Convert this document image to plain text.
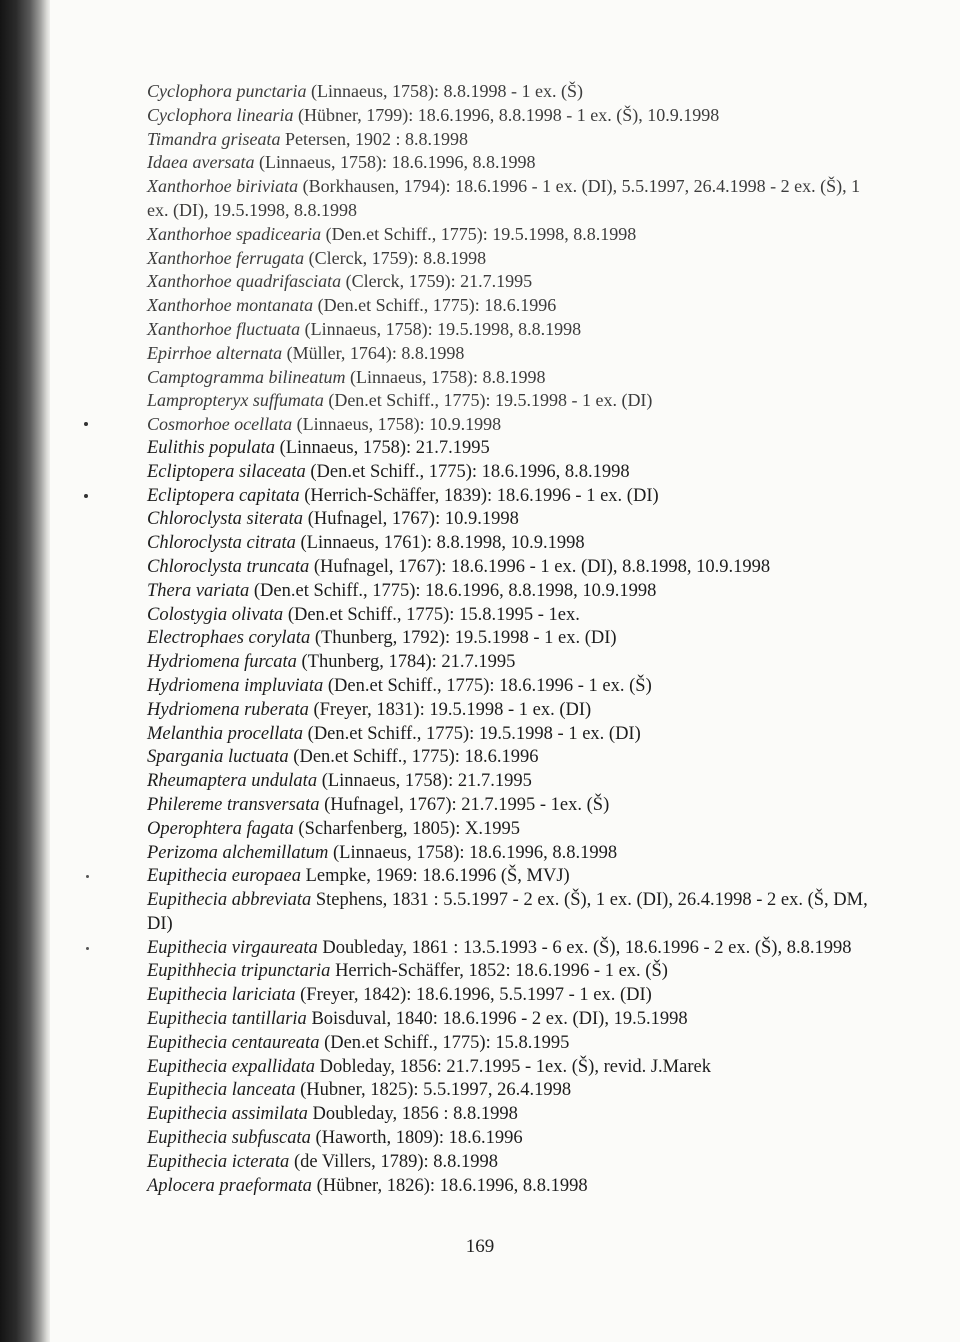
Cyclophora punctaria (Linnaeus, 1758): 8.8.1998 - 1 ex. (Š)
Cyclophora linearia (Hübner, 1799): 18.6.1996, 8.8.1998 - 1 ex. (Š), 10.9.1998
Timandra griseata Petersen, 1902 : 8.8.1998
Idaea aversata (Linnaeus, 1758): 18.6.1996, 8.8.1998
Xanthorhoe biriviata (Borkhausen, 1794): 18.6.1996 - 1 ex. (DI), 5.5.1997, 26.4.1998 - 2 ex. (Š), 1 ex. (DI), 19.5.1998, 8.8.1998
Xanthorhoe spadicearia (Den.et Schiff., 1775): 19.5.1998, 8.8.1998
Xanthorhoe ferrugata (Clerck, 1759): 8.8.1998
Xanthorhoe quadrifasciata (Clerck, 1759): 21.7.1995
Xanthorhoe montanata (Den.et Schiff., 1775): 18.6.1996
Xanthorhoe fluctuata (Linnaeus, 1758): 19.5.1998, 8.8.1998
Epirrhoe alternata (Müller, 1764): 8.8.1998
Camptogramma bilineatum (Linnaeus, 1758): 8.8.1998
Lampropteryx suffumata (Den.et Schiff., 1775): 19.5.1998 - 1 ex. (DI)
Cosmorhoe ocellata (Linnaeus, 1758): 10.9.1998
Eulithis populata (Linnaeus, 1758): 21.7.1995
Ecliptopera silaceata (Den.et Schiff., 1775): 18.6.1996, 8.8.1998
Ecliptopera capitata (Herrich-Schäffer, 1839): 18.6.1996 - 1 ex. (DI)
Chloroclysta siterata (Hufnagel, 1767): 10.9.1998
Chloroclysta citrata (Linnaeus, 1761): 8.8.1998, 10.9.1998
Chloroclysta truncata (Hufnagel, 1767): 18.6.1996 - 1 ex. (DI), 8.8.1998, 10.9.1998
Thera variata (Den.et Schiff., 1775): 18.6.1996, 8.8.1998, 10.9.1998
Colostygia olivata (Den.et Schiff., 1775): 15.8.1995 - 1ex.
Electrophaes corylata (Thunberg, 1792): 19.5.1998 - 1 ex. (DI)
Hydriomena furcata (Thunberg, 1784): 21.7.1995
Hydriomena impluviata (Den.et Schiff., 1775): 18.6.1996 - 1 ex. (Š)
Hydriomena ruberata (Freyer, 1831): 19.5.1998 - 1 ex. (DI)
Melanthia procellata (Den.et Schiff., 1775): 19.5.1998 - 1 ex. (DI)
Spargania luctuata (Den.et Schiff., 1775): 18.6.1996
Rheumaptera undulata (Linnaeus, 1758): 21.7.1995
Philereme transversata (Hufnagel, 1767): 21.7.1995 - 1ex. (Š)
Operophtera fagata (Scharfenberg, 1805): X.1995
Perizoma alchemillatum (Linnaeus, 1758): 18.6.1996, 8.8.1998
Eupithecia europaea Lempke, 1969: 18.6.1996 (Š, MVJ)
Eupithecia abbreviata Stephens, 1831 : 5.5.1997 - 2 ex. (Š), 1 ex. (DI), 26.4.1998 - 2 ex. (Š, DM, DI)
Eupithecia virgaureata Doubleday, 1861 : 13.5.1993 - 6 ex. (Š), 18.6.1996 - 2 ex. (Š), 8.8.1998
Eupithhecia tripunctaria Herrich-Schäffer, 1852: 18.6.1996 - 1 ex. (Š)
Eupithecia lariciata (Freyer, 1842): 18.6.1996, 5.5.1997 - 1 ex. (DI)
Eupithecia tantillaria Boisduval, 1840: 18.6.1996 - 2 ex. (DI), 19.5.1998
Eupithecia centaureata (Den.et Schiff., 1775): 15.8.1995
Eupithecia expallidata Dobleday, 1856: 21.7.1995 - 1ex. (Š), revid. J.Marek
Eupithecia lanceata (Hubner, 1825): 5.5.1997, 26.4.1998
Eupithecia assimilata Doubleday, 1856 : 8.8.1998
Eupithecia subfuscata (Haworth, 1809): 18.6.1996
Eupithecia icterata (de Villers, 1789): 8.8.1998
Aplocera praeformata (Hübner, 1826): 18.6.1996, 8.8.1998
169
